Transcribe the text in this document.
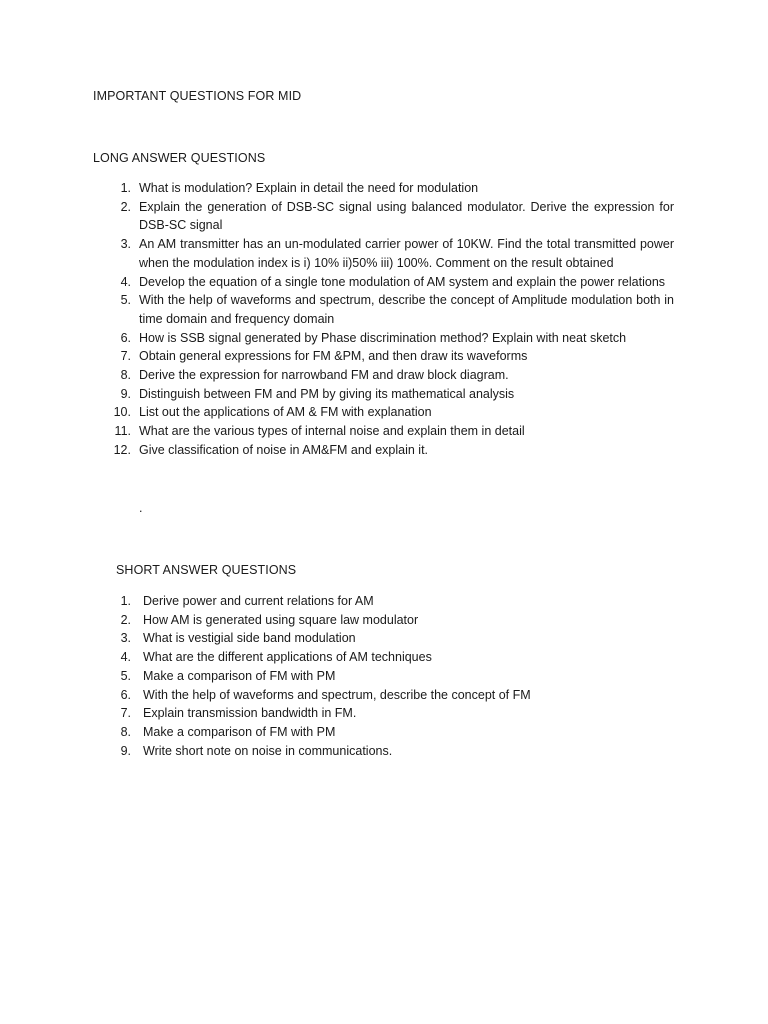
IMPORTANT QUESTIONS FOR MID
LONG ANSWER QUESTIONS
1. What is modulation? Explain in detail the need for modulation
2. Explain the generation of DSB-SC signal using balanced modulator. Derive the expression for DSB-SC signal
3. An AM transmitter has an un-modulated carrier power of 10KW. Find the total transmitted power when the modulation index is i) 10% ii)50% iii) 100%. Comment on the result obtained
4. Develop the equation of a single tone modulation of AM system and explain the power relations
5. With the help of waveforms and spectrum, describe the concept of Amplitude modulation both in time domain and frequency domain
6. How is SSB signal generated by Phase discrimination method? Explain with neat sketch
7. Obtain general expressions for FM &PM, and then draw its waveforms
8. Derive the expression for narrowband FM and draw block diagram.
9. Distinguish between FM and PM by giving its mathematical analysis
10. List out the applications of AM & FM with explanation
11. What are the various types of internal noise and explain them in detail
12. Give classification of noise in AM&FM and explain it.
.
SHORT ANSWER QUESTIONS
1. Derive power and current relations for AM
2. How AM is generated using square law modulator
3. What is vestigial side band modulation
4. What are the different applications of AM techniques
5. Make a comparison of FM with PM
6. With the help of waveforms and spectrum, describe the concept of FM
7. Explain transmission bandwidth in FM.
8. Make a comparison of FM with PM
9. Write short note on noise in communications.
